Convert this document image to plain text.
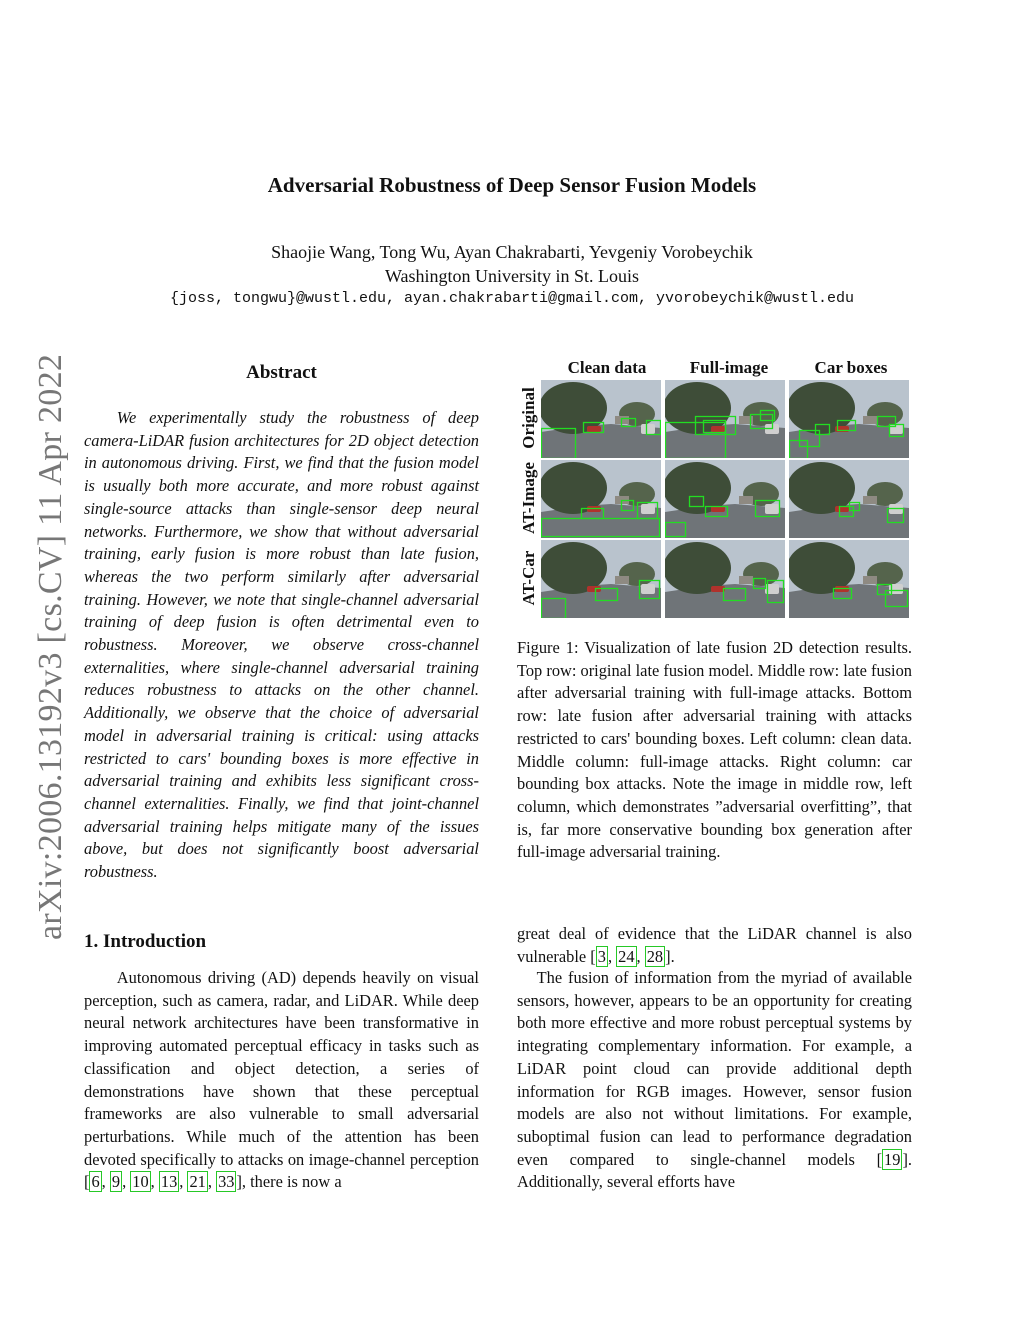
Adversarial Robustness of Deep Sensor Fusion Models
Shaojie Wang, Tong Wu, Ayan Chakrabarti, Yevgeniy Vorobeychik
Washington University in St. Louis
{joss, tongwu}@wustl.edu, ayan.chakrabarti@gmail.com, yvorobeychik@wustl.edu
arXiv:2006.13192v3 [cs.CV] 11 Apr 2022	Abstract

We experimentally study the robustness of deep camera-LiDAR fusion architectures for 2D object detection in autonomous driving. First, we find that the fusion model is usually both more accurate, and more robust against single-source attacks than single-sensor deep neural networks. Furthermore, we show that without adversarial training, early fusion is more robust than late fusion, whereas the two perform similarly after adversarial training. However, we note that single-channel adversarial training of deep fusion is often detrimental even to robustness. Moreover, we observe cross-channel externalities, where single-channel adversarial training reduces robustness to attacks on the other channel. Additionally, we observe that the choice of adversarial model in adversarial training is critical: using attacks restricted to cars' bounding boxes is more effective in adversarial training and exhibits less significant cross-channel externalities. Finally, we find that joint-channel adversarial training helps mitigate many of the issues above, but does not significantly boost adversarial robustness.

Clean data	Full-image	Car boxes
Original
AT-Image
AT-Car

Figure 1: Visualization of late fusion 2D detection results. Top row: original late fusion model. Middle row: late fusion after adversarial training with full-image attacks. Bottom row: late fusion after adversarial training with attacks restricted to cars' bounding boxes. Left column: clean data. Middle column: full-image attacks. Right column: car bounding box attacks. Note the image in middle row, left column, which demonstrates ”adversarial overfitting”, that is, far more conservative bounding box generation after full-image adversarial training.

1. Introduction

Autonomous driving (AD) depends heavily on visual perception, such as camera, radar, and LiDAR. While deep neural network architectures have been transformative in improving automated perceptual efficacy in tasks such as classification and object detection, a series of demonstrations have shown that these perceptual frameworks are also vulnerable to small adversarial perturbations. While much of the attention has been devoted specifically to attacks on image-channel perception [ 6 , 9 , 10 , 13 , 21 , 33 ], there is now a

great deal of evidence that the LiDAR channel is also vulnerable [ 3 , 24 , 28 ].

The fusion of information from the myriad of available sensors, however, appears to be an opportunity for creating both more effective and more robust perceptual systems by integrating complementary information. For example, a LiDAR point cloud can provide additional depth information for RGB images. However, sensor fusion models are also not without limitations. For example, suboptimal fusion can lead to performance degradation even compared to single-channel models [ 19 ]. Additionally, several efforts have
